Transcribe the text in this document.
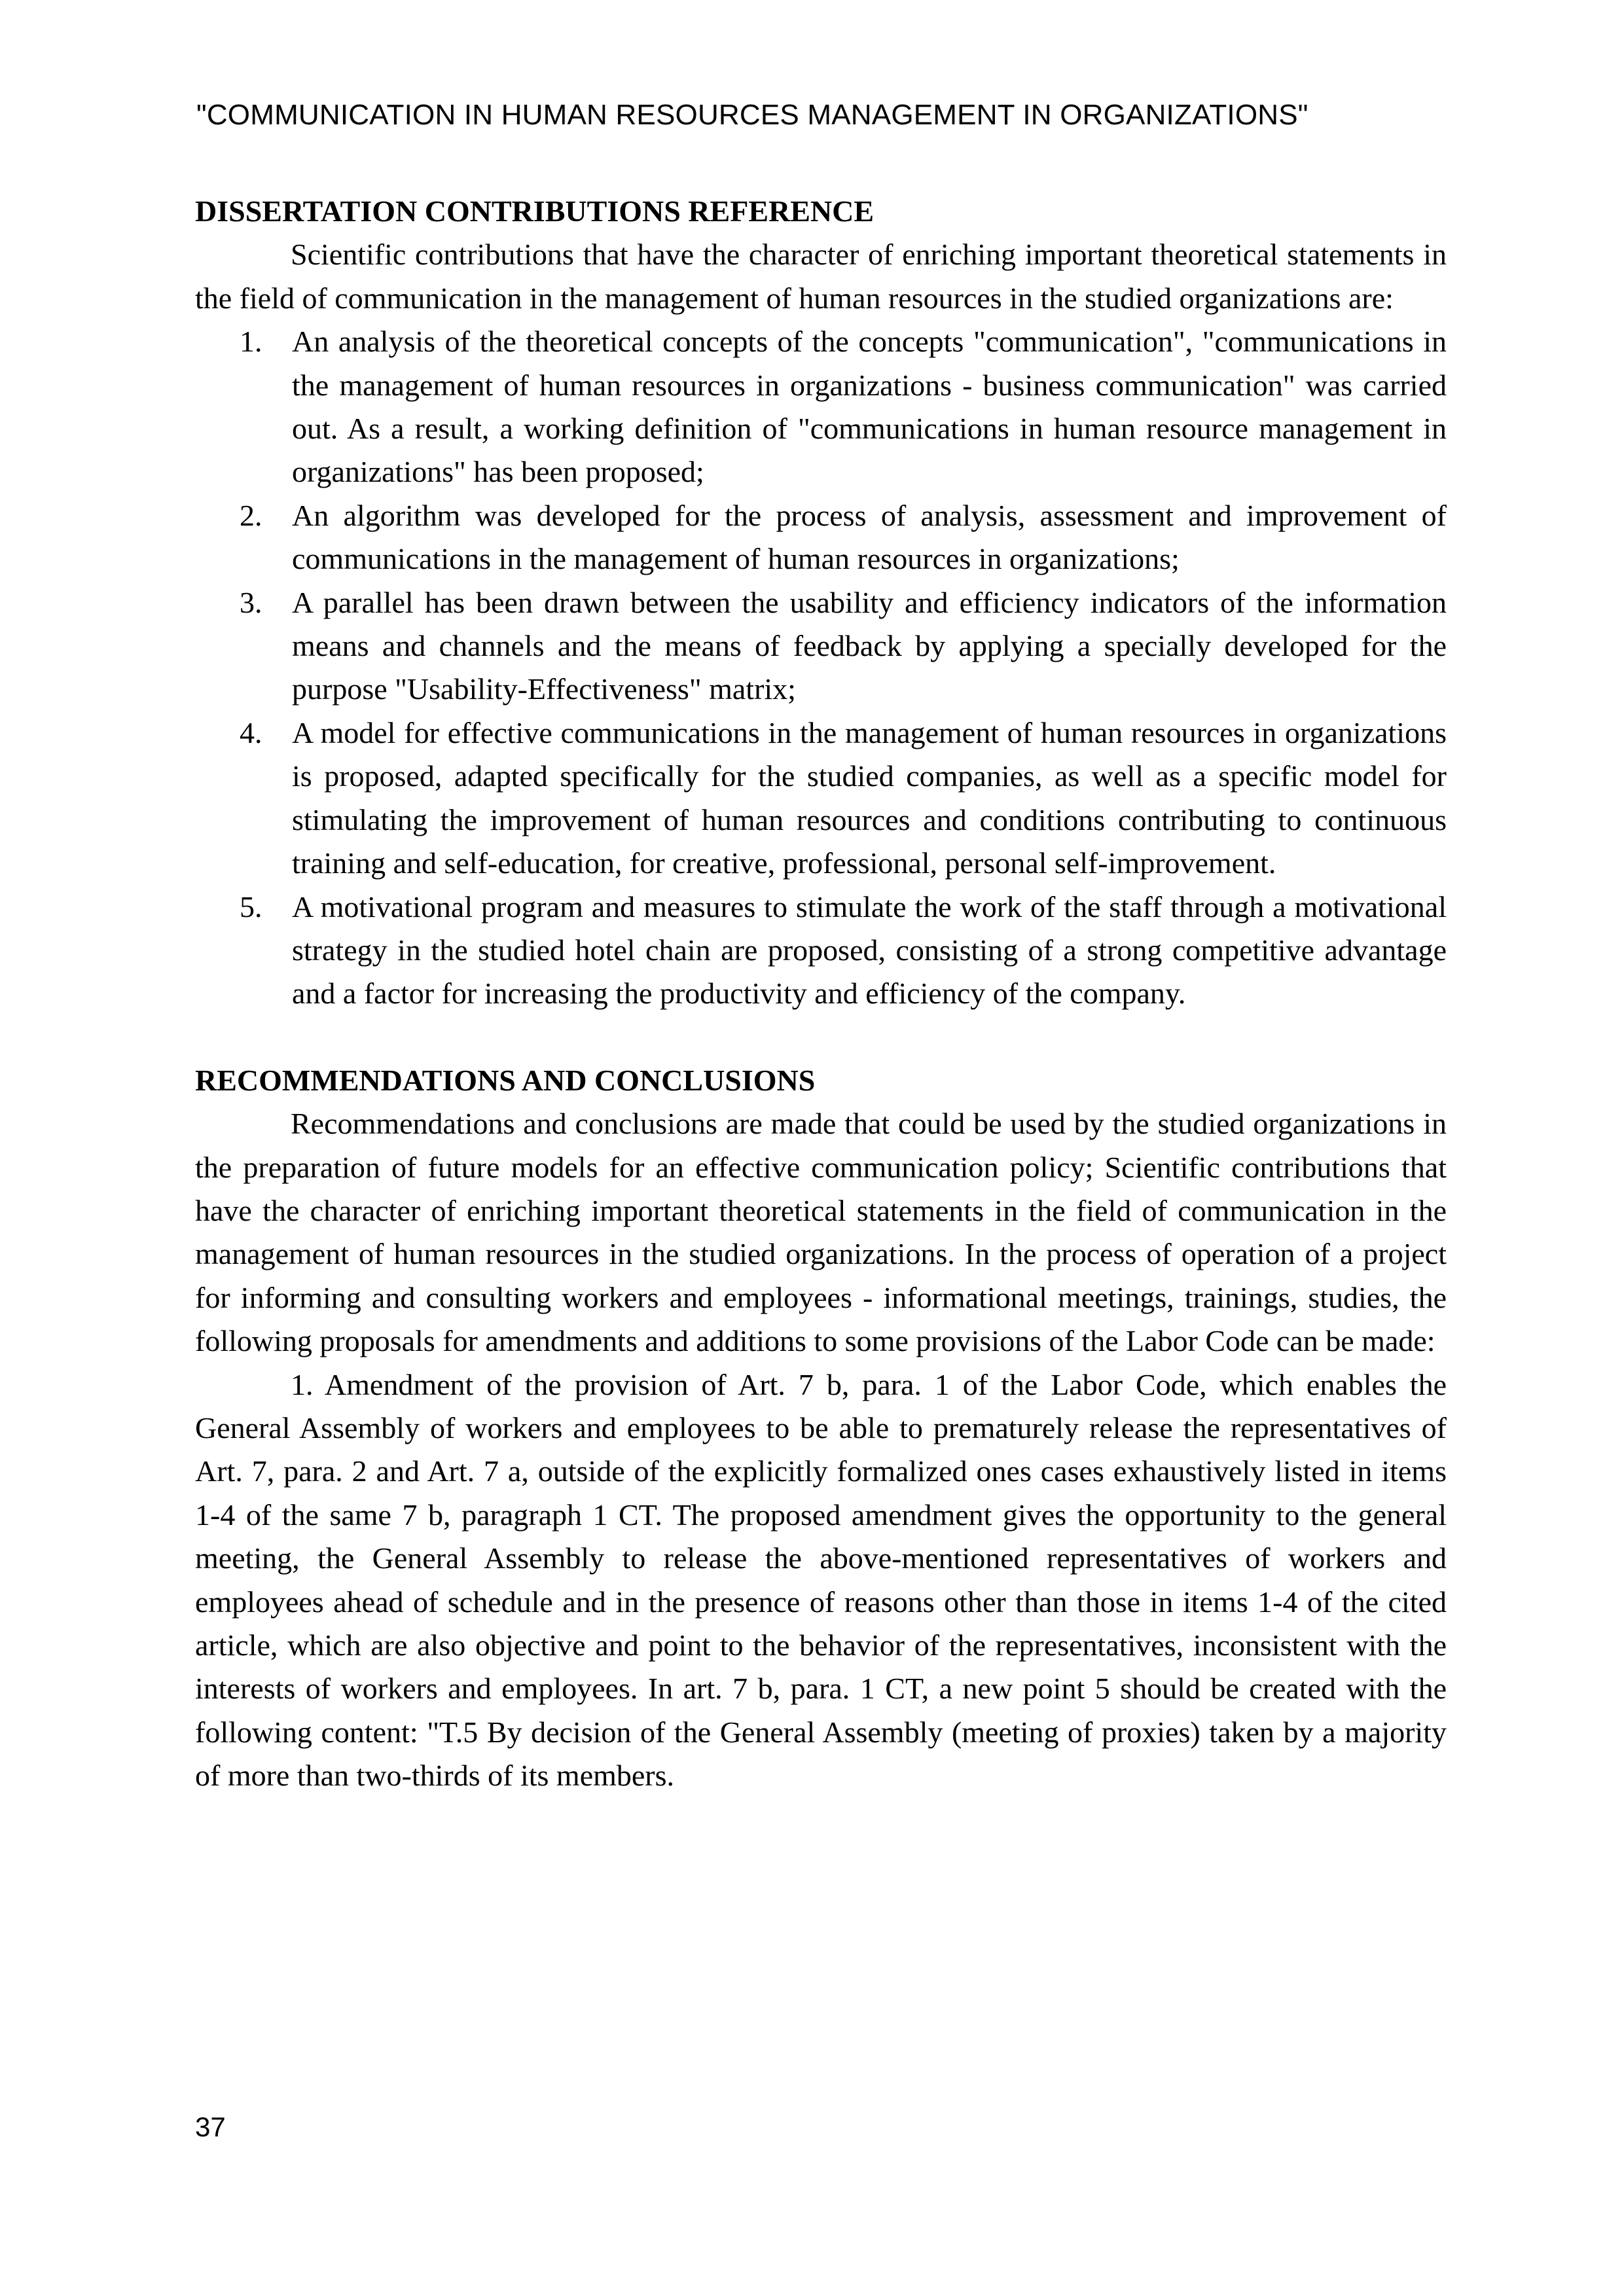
"COMMUNICATION IN HUMAN RESOURCES MANAGEMENT IN ORGANIZATIONS"
DISSERTATION CONTRIBUTIONS REFERENCE

Scientific contributions that have the character of enriching important theoretical statements in the field of communication in the management of human resources in the studied organizations are:

1. An analysis of the theoretical concepts of the concepts "communication", "communications in the management of human resources in organizations - business communication" was carried out. As a result, a working definition of "communications in human resource management in organizations" has been proposed;
2. An algorithm was developed for the process of analysis, assessment and improvement of communications in the management of human resources in organizations;
3. A parallel has been drawn between the usability and efficiency indicators of the information means and channels and the means of feedback by applying a specially developed for the purpose "Usability-Effectiveness" matrix;
4. A model for effective communications in the management of human resources in organizations is proposed, adapted specifically for the studied companies, as well as a specific model for stimulating the improvement of human resources and conditions contributing to continuous training and self-education, for creative, professional, personal self-improvement.
5. A motivational program and measures to stimulate the work of the staff through a motivational strategy in the studied hotel chain are proposed, consisting of a strong competitive advantage and a factor for increasing the productivity and efficiency of the company.
RECOMMENDATIONS AND CONCLUSIONS

Recommendations and conclusions are made that could be used by the studied organizations in the preparation of future models for an effective communication policy; Scientific contributions that have the character of enriching important theoretical statements in the field of communication in the management of human resources in the studied organizations. In the process of operation of a project for informing and consulting workers and employees - informational meetings, trainings, studies, the following proposals for amendments and additions to some provisions of the Labor Code can be made:

1. Amendment of the provision of Art. 7 b, para. 1 of the Labor Code, which enables the General Assembly of workers and employees to be able to prematurely release the representatives of Art. 7, para. 2 and Art. 7 a, outside of the explicitly formalized ones cases exhaustively listed in items 1-4 of the same 7 b, paragraph 1 CT. The proposed amendment gives the opportunity to the general meeting, the General Assembly to release the above-mentioned representatives of workers and employees ahead of schedule and in the presence of reasons other than those in items 1-4 of the cited article, which are also objective and point to the behavior of the representatives, inconsistent with the interests of workers and employees. In art. 7 b, para. 1 CT, a new point 5 should be created with the following content: "T.5 By decision of the General Assembly (meeting of proxies) taken by a majority of more than two-thirds of its members.

37
